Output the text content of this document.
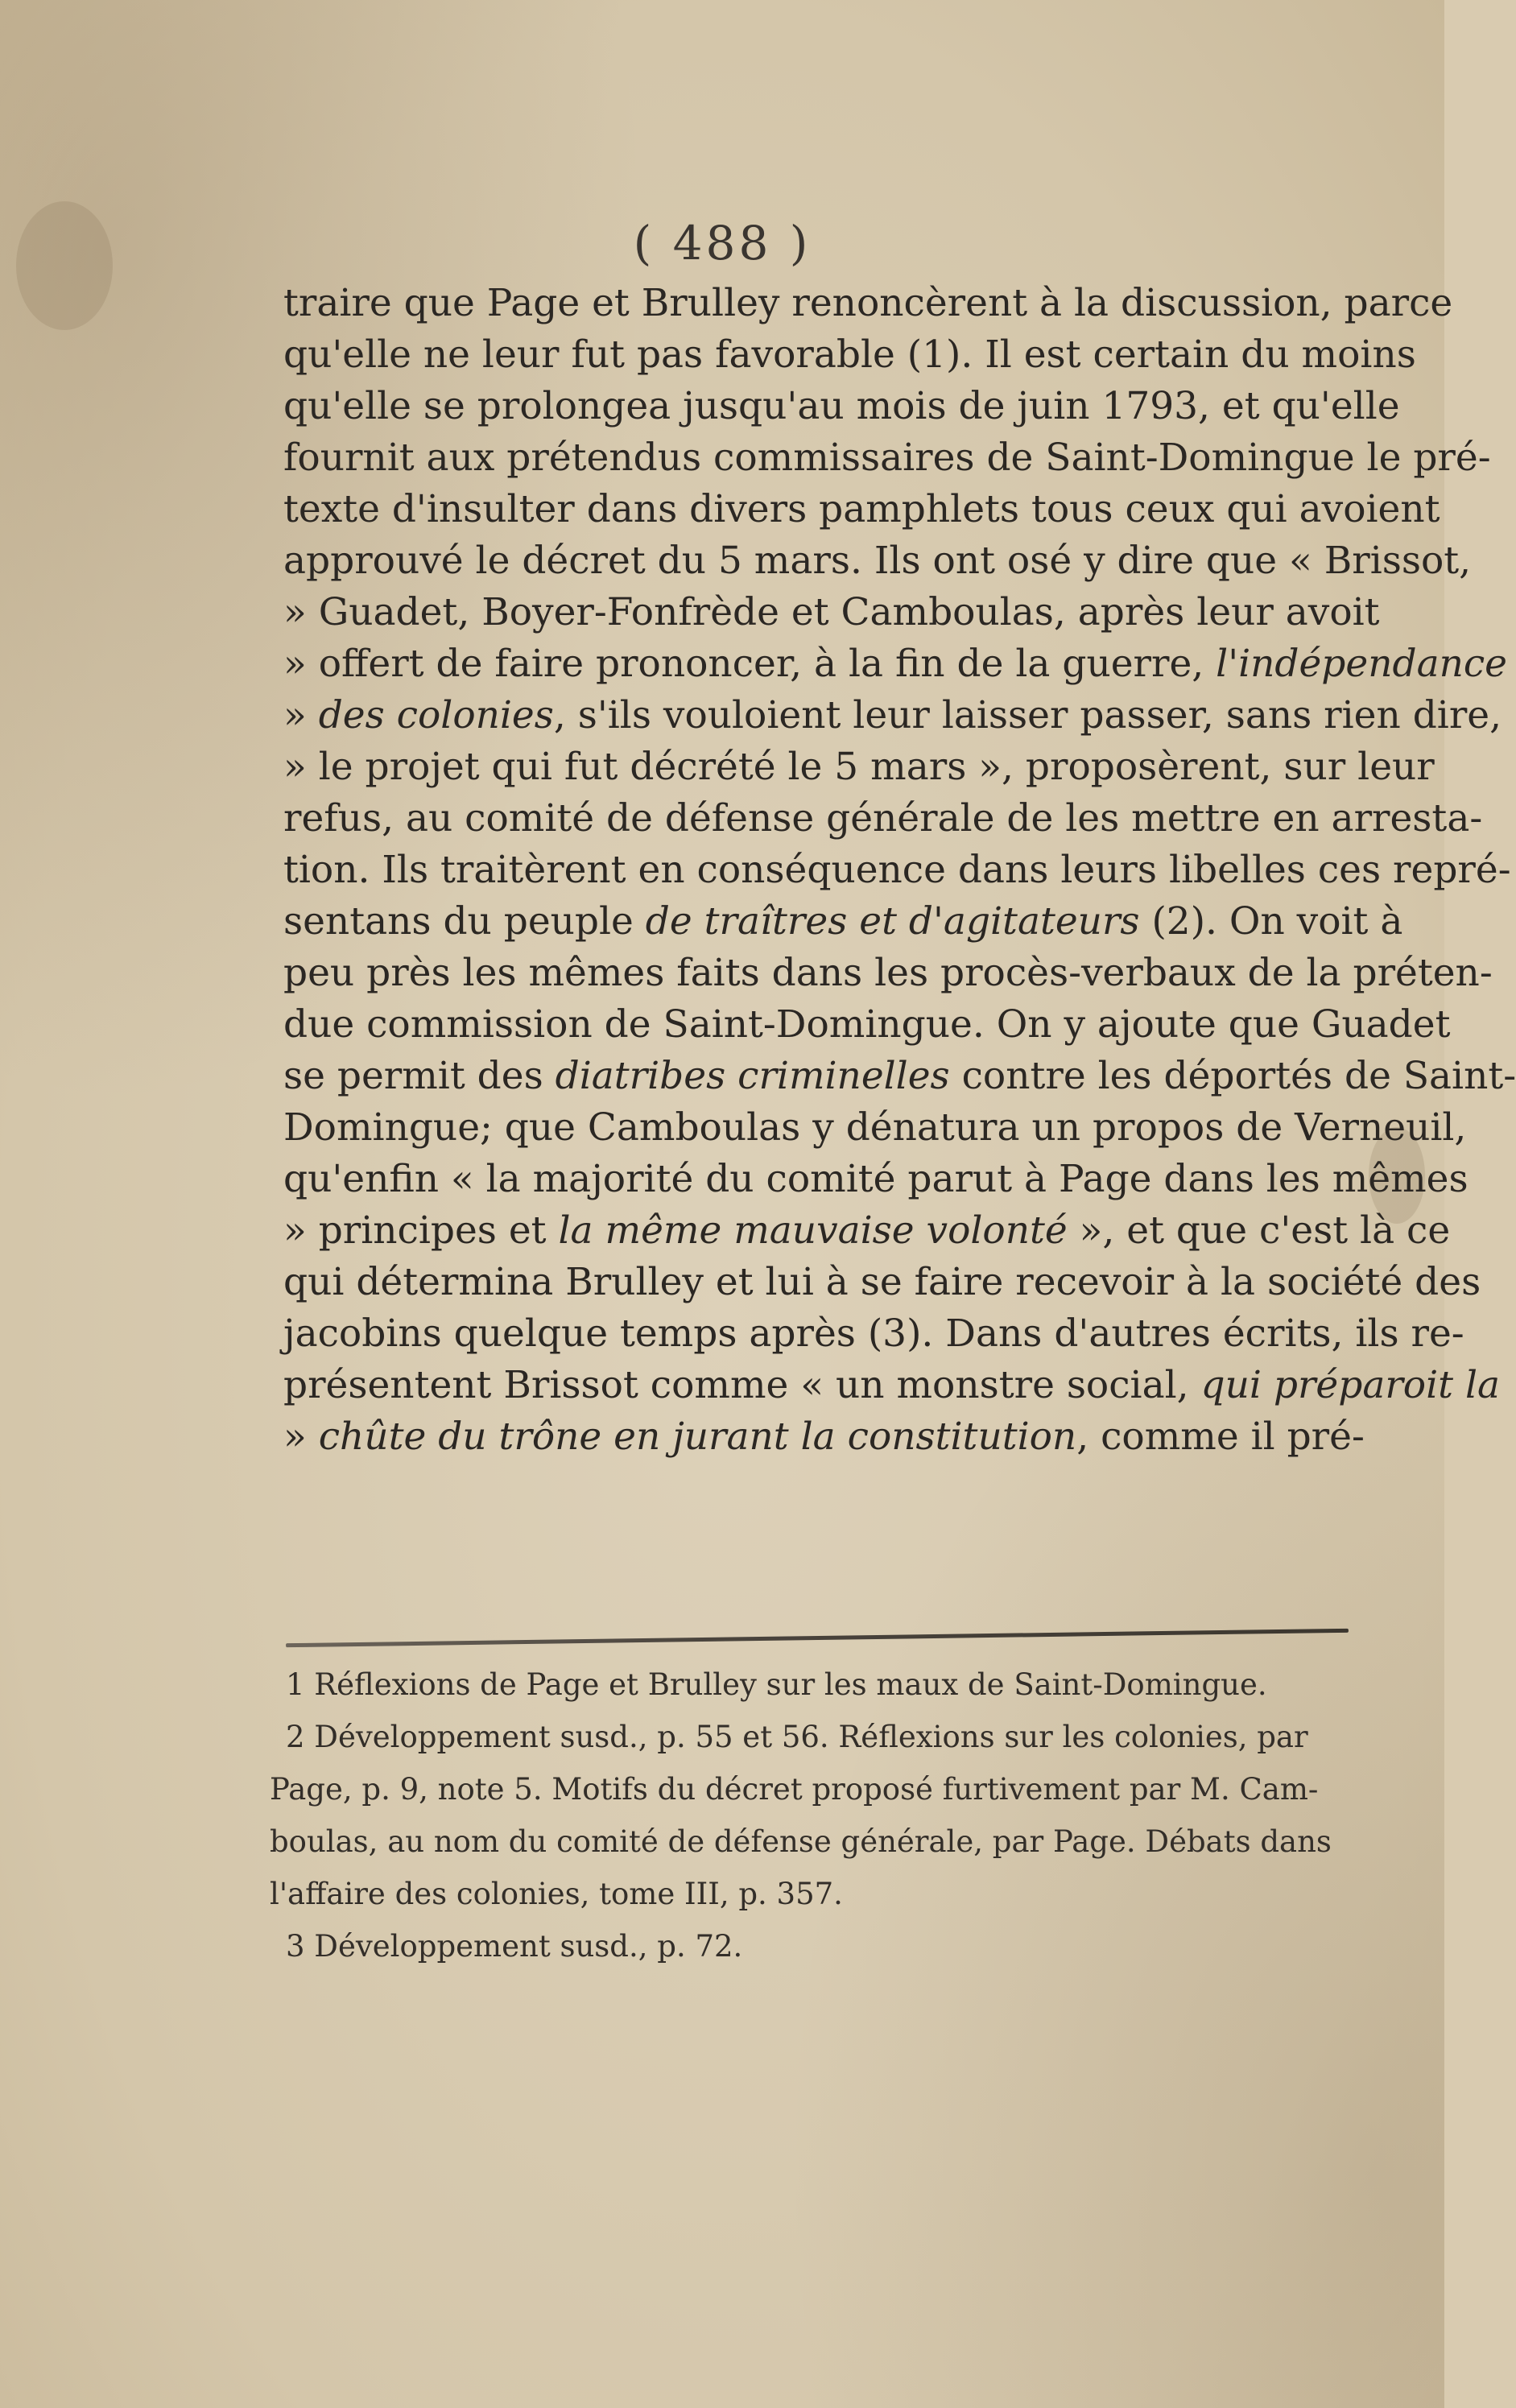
( 488 )
traire que Page et Brulley renoncèrent à la discussion, parce
qu'elle ne leur fut pas favorable (1). Il est certain du moins
qu'elle se prolongea jusqu'au mois de juin 1793, et qu'elle
fournit aux prétendus commissaires de Saint-Domingue le pré-
texte d'insulter dans divers pamphlets tous ceux qui avoient
approuvé le décret du 5 mars. Ils ont osé y dire que « Brissot,
» Guadet, Boyer-Fonfrède et Camboulas, après leur avoit
» offert de faire prononcer, à la fin de la guerre, l'indépendance
» des colonies, s'ils vouloient leur laisser passer, sans rien dire,
» le projet qui fut décrété le 5 mars », proposèrent, sur leur
refus, au comité de défense générale de les mettre en arresta-
tion. Ils traitèrent en conséquence dans leurs libelles ces repré-
sentans du peuple de traîtres et d'agitateurs (2). On voit à
peu près les mêmes faits dans les procès-verbaux de la préten-
due commission de Saint-Domingue. On y ajoute que Guadet
se permit des diatribes criminelles contre les déportés de Saint-
Domingue; que Camboulas y dénatura un propos de Verneuil,
qu'enfin « la majorité du comité parut à Page dans les mêmes
» principes et la même mauvaise volonté », et que c'est là ce
qui détermina Brulley et lui à se faire recevoir à la société des
jacobins quelque temps après (3). Dans d'autres écrits, ils re-
présentent Brissot comme « un monstre social, qui préparoit la
» chûte du trône en jurant la constitution, comme il pré-
1 Réflexions de Page et Brulley sur les maux de Saint-Domingue.
2 Développement susd., p. 55 et 56. Réflexions sur les colonies, par
Page, p. 9, note 5. Motifs du décret proposé furtivement par M. Cam-
boulas, au nom du comité de défense générale, par Page. Débats dans
l'affaire des colonies, tome III, p. 357.
3 Développement susd., p. 72.
